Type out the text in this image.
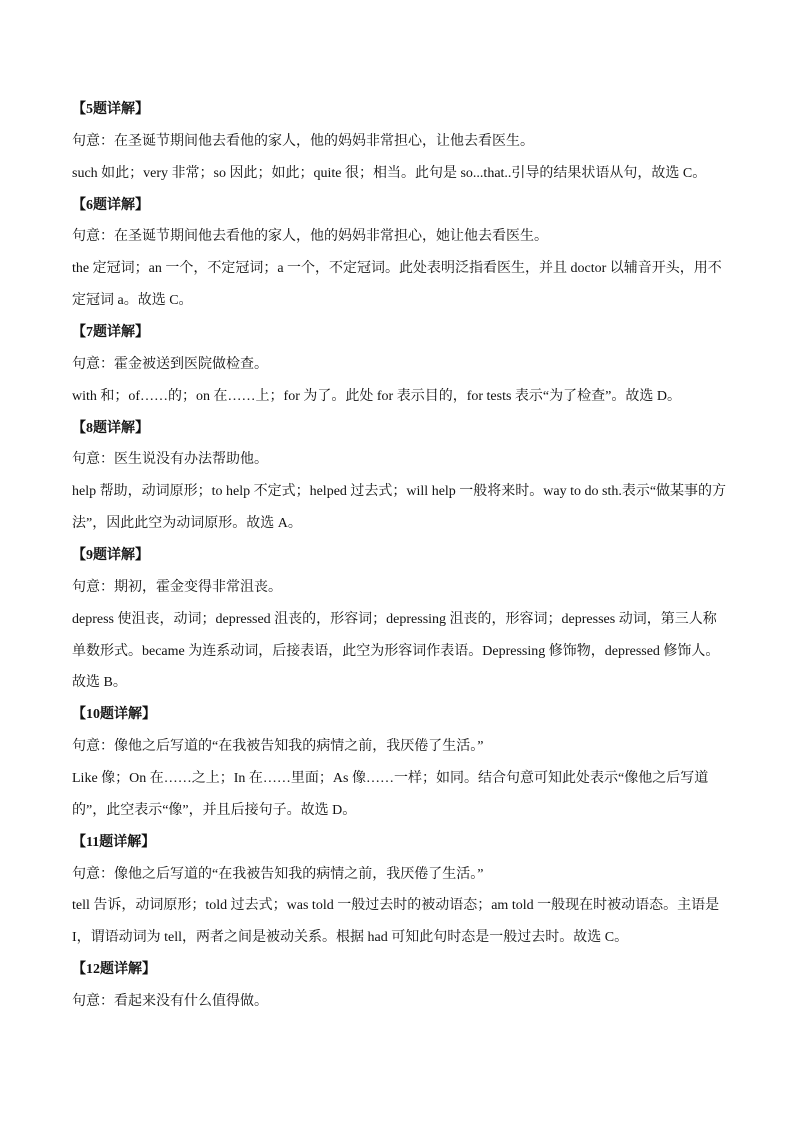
【5题详解】
句意：在圣诞节期间他去看他的家人，他的妈妈非常担心，让他去看医生。
such 如此；very 非常；so 因此；如此；quite 很；相当。此句是 so...that..引导的结果状语从句，故选 C。
【6题详解】
句意：在圣诞节期间他去看他的家人，他的妈妈非常担心，她让他去看医生。
the 定冠词；an 一个，不定冠词；a 一个，不定冠词。此处表明泛指看医生，并且 doctor 以辅音开头，用不
定冠词 a。故选 C。
【7题详解】
句意：霍金被送到医院做检查。
with 和；of……的；on 在……上；for 为了。此处 for 表示目的，for tests 表示“为了检查”。故选 D。
【8题详解】
句意：医生说没有办法帮助他。
help 帮助，动词原形；to help 不定式；helped 过去式；will help 一般将来时。way to do sth.表示“做某事的方
法”，因此此空为动词原形。故选 A。
【9题详解】
句意：期初，霍金变得非常沮丧。
depress 使沮丧，动词；depressed 沮丧的，形容词；depressing 沮丧的，形容词；depresses 动词，第三人称
单数形式。became 为连系动词，后接表语，此空为形容词作表语。Depressing 修饰物，depressed 修饰人。
故选 B。
【10题详解】
句意：像他之后写道的“在我被告知我的病情之前，我厌倦了生活。”
Like 像；On 在……之上；In 在……里面；As 像……一样；如同。结合句意可知此处表示“像他之后写道
的”，此空表示“像”，并且后接句子。故选 D。
【11题详解】
句意：像他之后写道的“在我被告知我的病情之前，我厌倦了生活。”
tell 告诉，动词原形；told 过去式；was told 一般过去时的被动语态；am told 一般现在时被动语态。主语是
I，谓语动词为 tell，两者之间是被动关系。根据 had 可知此句时态是一般过去时。故选 C。
【12题详解】
句意：看起来没有什么值得做。
